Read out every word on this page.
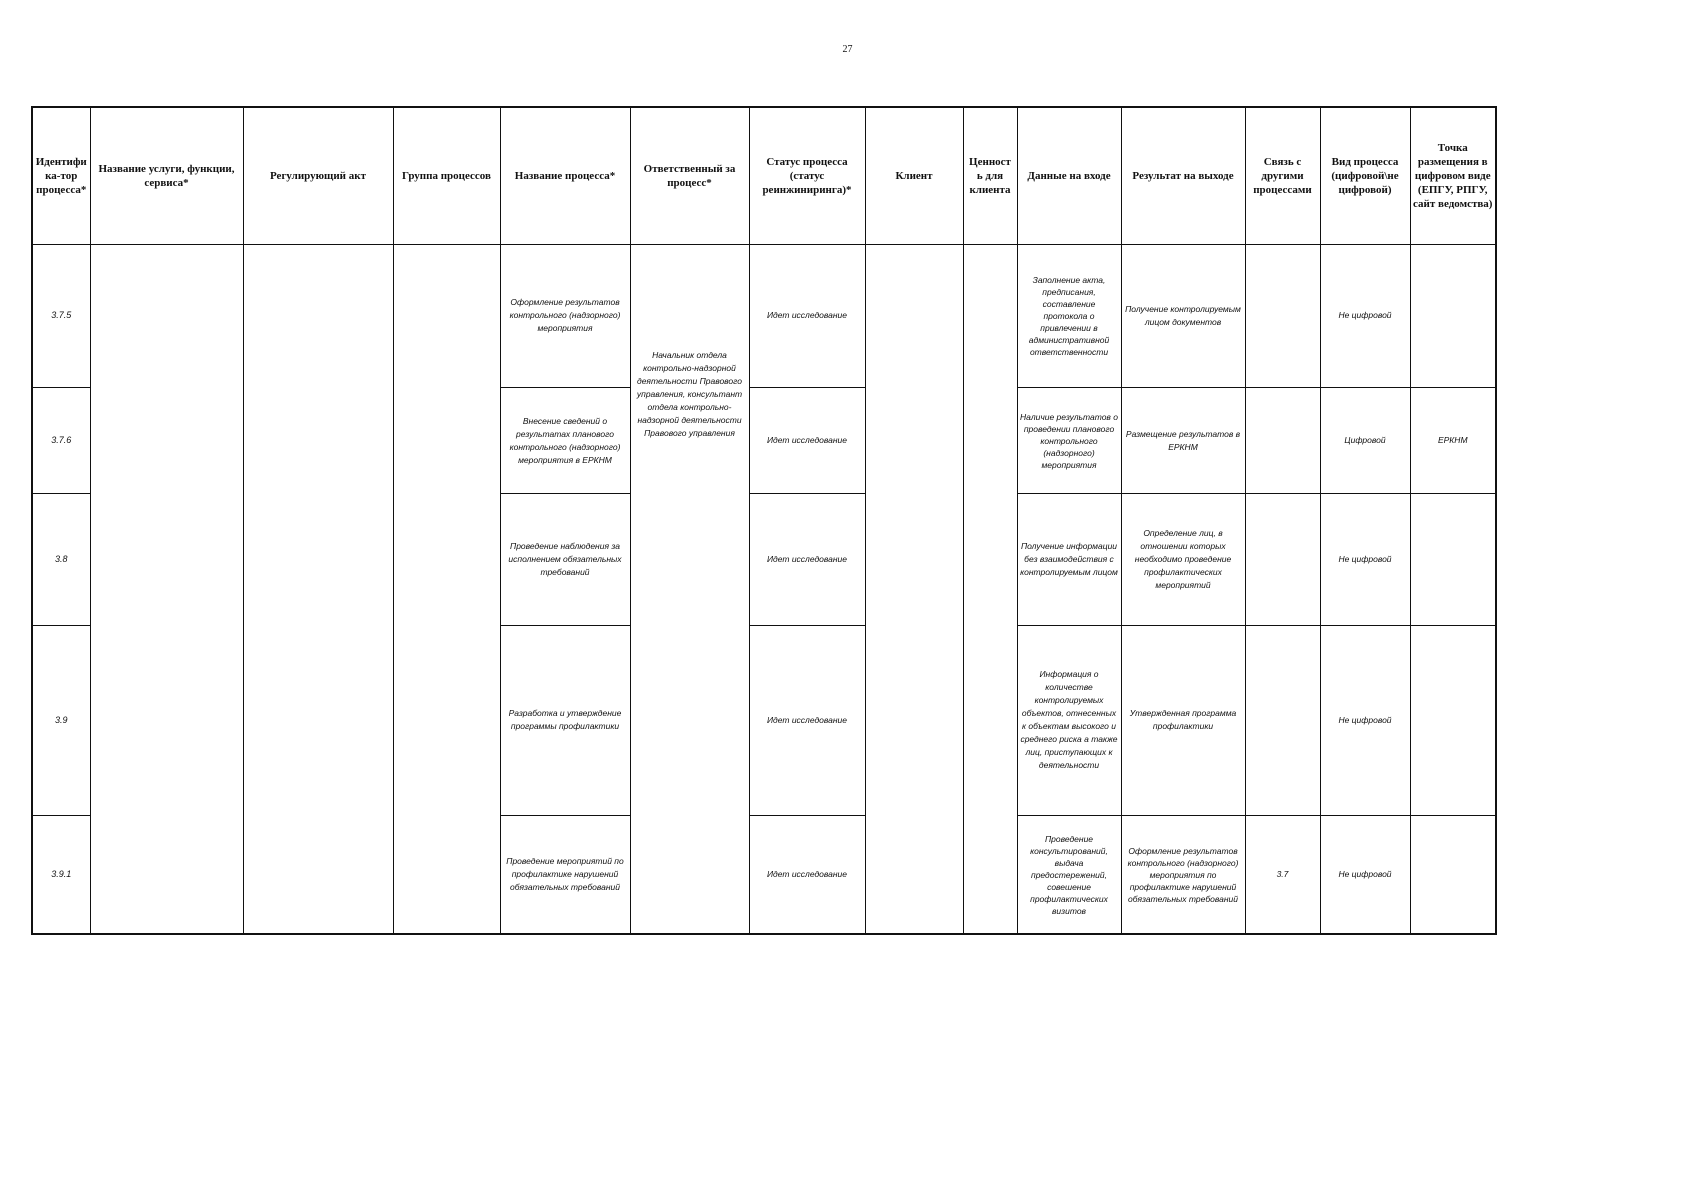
27
Идентифи ка-тор процесса*	Название услуги, функции, сервиса*	Регулирующий акт	Группа процессов	Название процесса*	Ответственный за процесс*	Статус процесса (статус реинжиниринга)*	Клиент	Ценност ь для клиента	Данные на входе	Результат на выходе	Связь с другими процессами	Вид процесса (цифровой\не цифровой)	Точка размещения в цифровом виде (ЕПГУ, РПГУ, сайт ведомства)
3.7.5				Оформление результатов контрольного (надзорного) мероприятия	Начальник отдела контрольно-надзорной деятельности Правового управления, консультант отдела контрольно-надзорной деятельности Правового управления	Идет исследование			Заполнение акта, предписания, составление протокола о привлечении в административной ответственности	Получение контролируемым лицом документов		Не цифровой	
3.7.6				Внесение сведений о результатах планового контрольного (надзорного) мероприятия в ЕРКНМ		Идет исследование			Наличие результатов о проведении планового контрольного (надзорного) мероприятия	Размещение результатов в ЕРКНМ		Цифровой	ЕРКНМ
3.8				Проведение наблюдения за исполнением обязательных требований		Идет исследование			Получение информации без взаимодействия с контролируемым лицом	Определение лиц, в отношении которых необходимо проведение профилактических мероприятий		Не цифровой	
3.9				Разработка и утверждение программы профилактики		Идет исследование			Информация о количестве контролируемых объектов, отнесенных к объектам высокого и среднего риска а также лиц, приступающих к деятельности	Утвержденная программа профилактики		Не цифровой	
3.9.1				Проведение мероприятий по профилактике нарушений обязательных требований		Идет исследование			Проведение консультирований, выдача предостережений, совешение профилактических визитов	Оформление результатов контрольного (надзорного) мероприятия по профилактике нарушений обязательных требований	3.7	Не цифровой	
